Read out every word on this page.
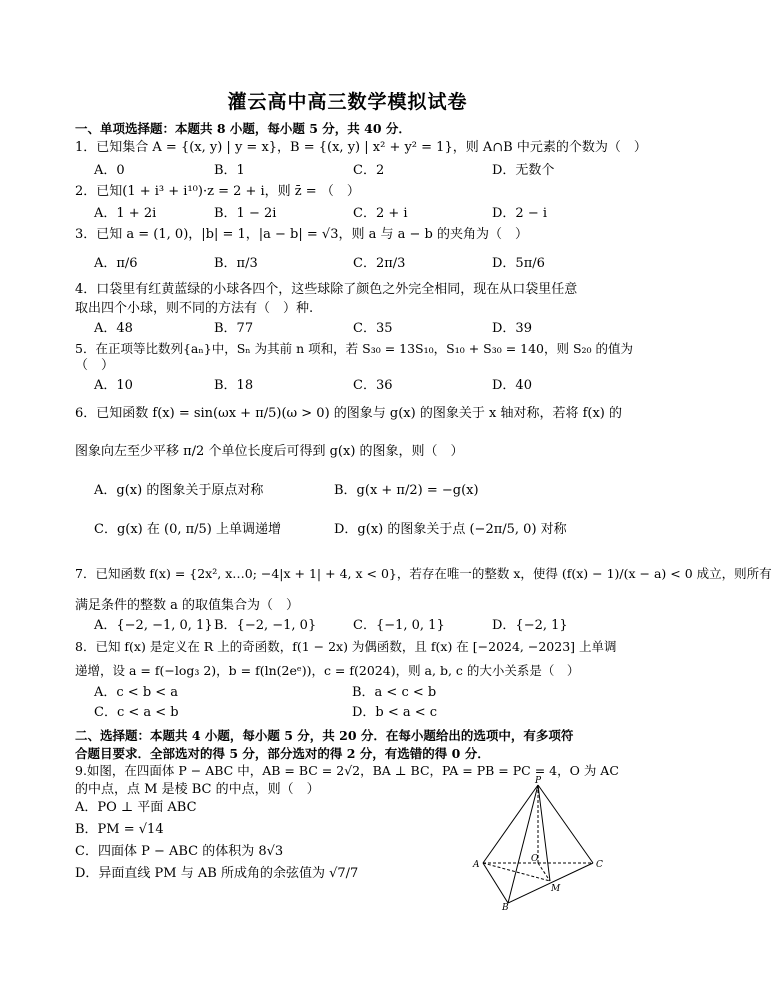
灌云高中高三数学模拟试卷
一、单项选择题：本题共 8 小题，每小题 5 分，共 40 分．
1．已知集合 A = {(x, y) | y = x}，B = {(x, y) | x² + y² = 1}，则 A∩B 中元素的个数为（　）
A．0	B．1	C．2	D．无数个
2．已知(1 + i³ + i¹⁰)·z = 2 + i，则 z̄ = （　）
A．1 + 2i	B．1 − 2i	C．2 + i	D．2 − i
3．已知 a = (1, 0)，|b| = 1，|a − b| = √3，则 a 与 a − b 的夹角为（　）
A．π/6	B．π/3	C．2π/3	D．5π/6
4．口袋里有红黄蓝绿的小球各四个，这些球除了颜色之外完全相同，现在从口袋里任意
取出四个小球，则不同的方法有（　）种.
A．48	B．77	C．35	D．39
5．在正项等比数列{aₙ}中，Sₙ 为其前 n 项和，若 S₃₀ = 13S₁₀，S₁₀ + S₃₀ = 140，则 S₂₀ 的值为
（　）
A．10	B．18	C．36	D．40
6．已知函数 f(x) = sin(ωx + π/5)(ω > 0) 的图象与 g(x) 的图象关于 x 轴对称，若将 f(x) 的
图象向左至少平移 π/2 个单位长度后可得到 g(x) 的图象，则（　）
A．g(x) 的图象关于原点对称	B．g(x + π/2) = −g(x)
C．g(x) 在 (0, π/5) 上单调递增	D．g(x) 的图象关于点 (−2π/5, 0) 对称
7．已知函数 f(x) = {2x², x…0; −4|x + 1| + 4, x < 0}，若存在唯一的整数 x，使得 (f(x) − 1)/(x − a) < 0 成立，则所有
满足条件的整数 a 的取值集合为（　）
A．{−2, −1, 0, 1} B．{−2, −1, 0}	C．{−1, 0, 1}	D．{−2, 1}
8．已知 f(x) 是定义在 R 上的奇函数，f(1 − 2x) 为偶函数，且 f(x) 在 [−2024, −2023] 上单调
递增，设 a = f(−log₃ 2)，b = f(ln(2eᵉ))，c = f(2024)，则 a, b, c 的大小关系是（　）
A．c < b < a	B．a < c < b
C．c < a < b	D．b < a < c
二、选择题：本题共 4 小题，每小题 5 分，共 20 分．在每小题给出的选项中，有多项符
合题目要求．全部选对的得 5 分，部分选对的得 2 分，有选错的得 0 分．
9.如图，在四面体 P − ABC 中，AB = BC = 2√2，BA ⊥ BC，PA = PB = PC = 4，O 为 AC
的中点，点 M 是棱 BC 的中点，则（　）
A．PO ⊥ 平面 ABC
B．PM = √14
C．四面体 P − ABC 的体积为 8√3
D．异面直线 PM 与 AB 所成角的余弦值为 √7/7
P
A
B
C
O
M
